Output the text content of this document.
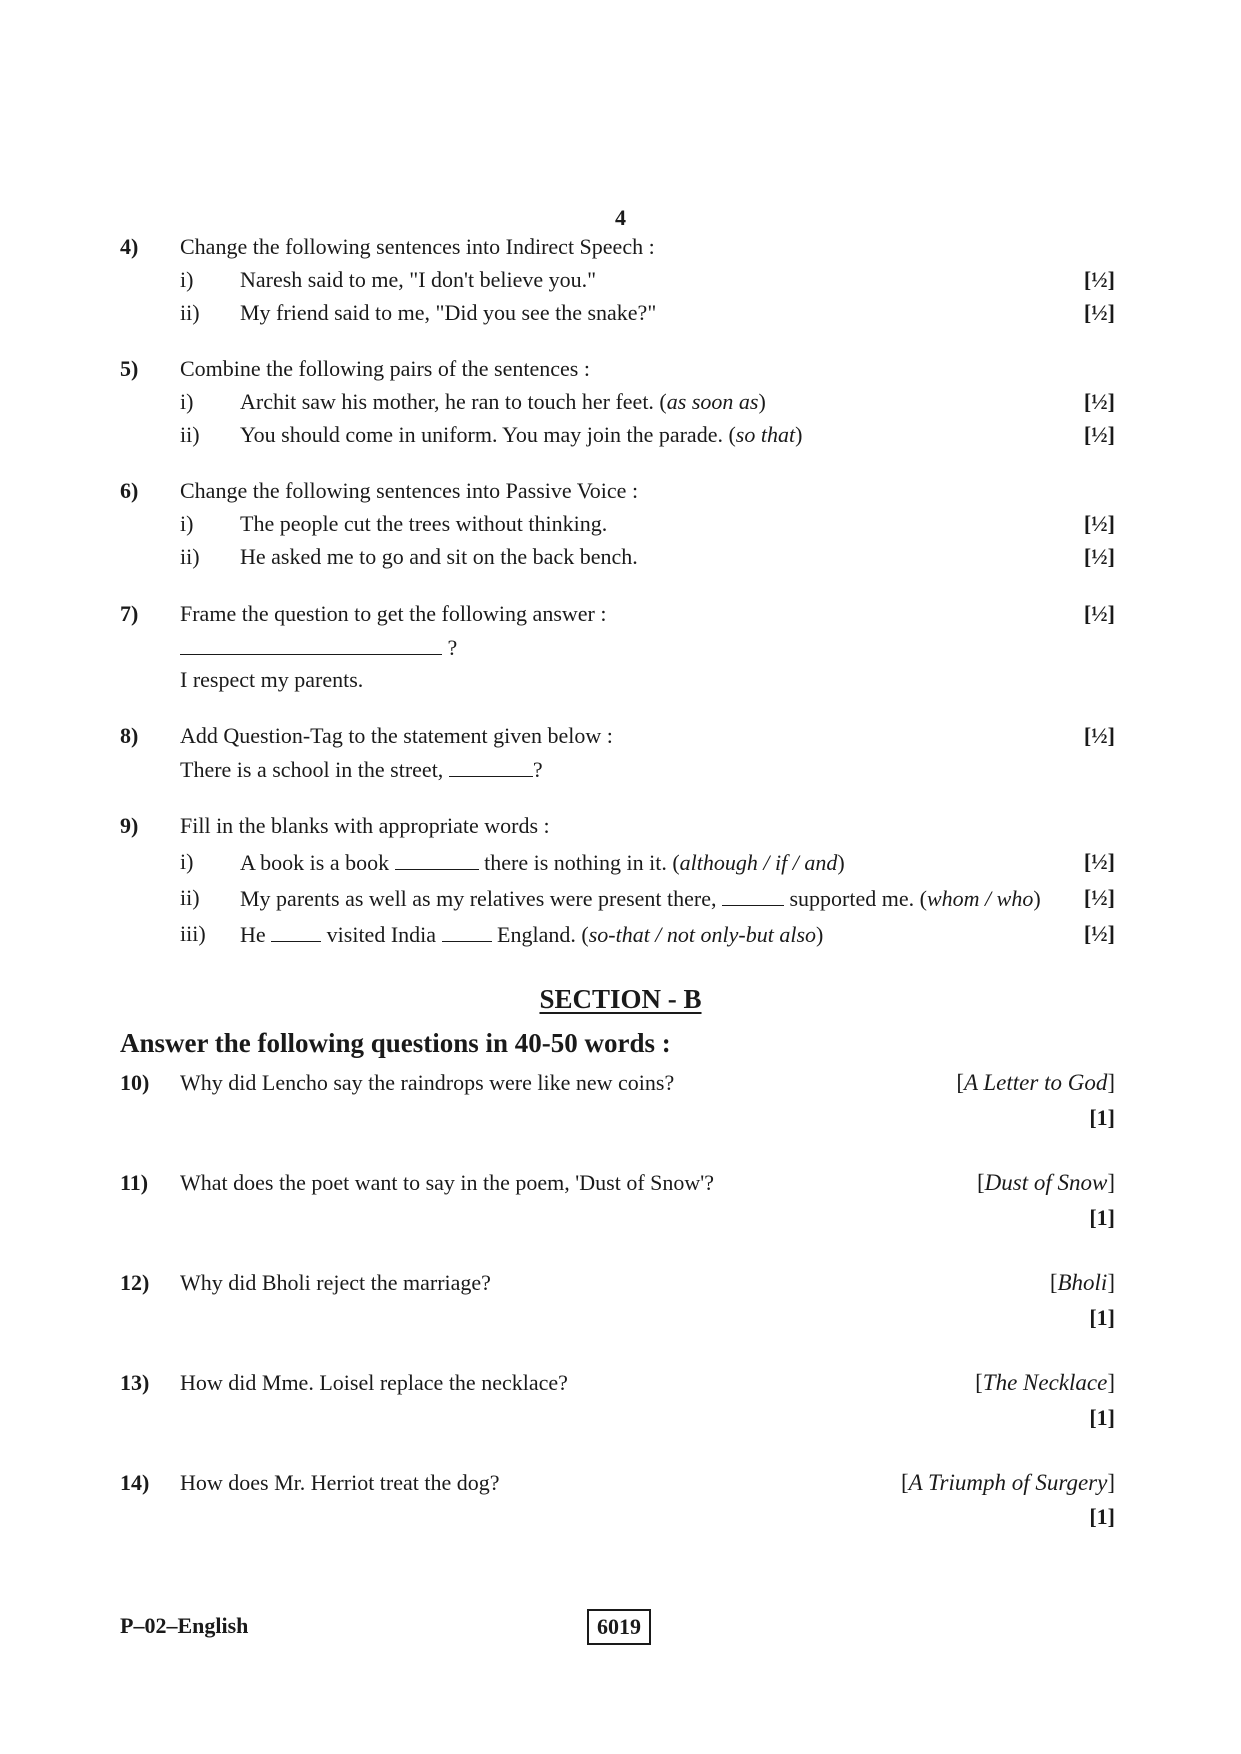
4
4) Change the following sentences into Indirect Speech :
i) Naresh said to me, "I don't believe you."	[½]
ii) My friend said to me, "Did you see the snake?"	[½]
5) Combine the following pairs of the sentences :
i) Archit saw his mother, he ran to touch her feet. (as soon as)	[½]
ii) You should come in uniform. You may join the parade. (so that)	[½]
6) Change the following sentences into Passive Voice :
i) The people cut the trees without thinking.	[½]
ii) He asked me to go and sit on the back bench.	[½]
7) Frame the question to get the following answer :	[½]
?
I respect my parents.
8) Add Question-Tag to the statement given below :	[½]
There is a school in the street,	?
9) Fill in the blanks with appropriate words :
i) A book is a book	there is nothing in it. (although / if / and)	[½]
ii) My parents as well as my relatives were present there,	supported me. (whom / who) [½]
iii) He	visited India	England. (so-that / not only-but also)	[½]
SECTION - B
Answer the following questions in 40-50 words :
10) Why did Lencho say the raindrops were like new coins?	[A Letter to God]
[1]
11) What does the poet want to say in the poem, 'Dust of Snow'?	[Dust of Snow]
[1]
12) Why did Bholi reject the marriage?	[Bholi]
[1]
13) How did Mme. Loisel replace the necklace?	[The Necklace]
[1]
14) How does Mr. Herriot treat the dog?	[A Triumph of Surgery]
[1]
P–02–English	6019
